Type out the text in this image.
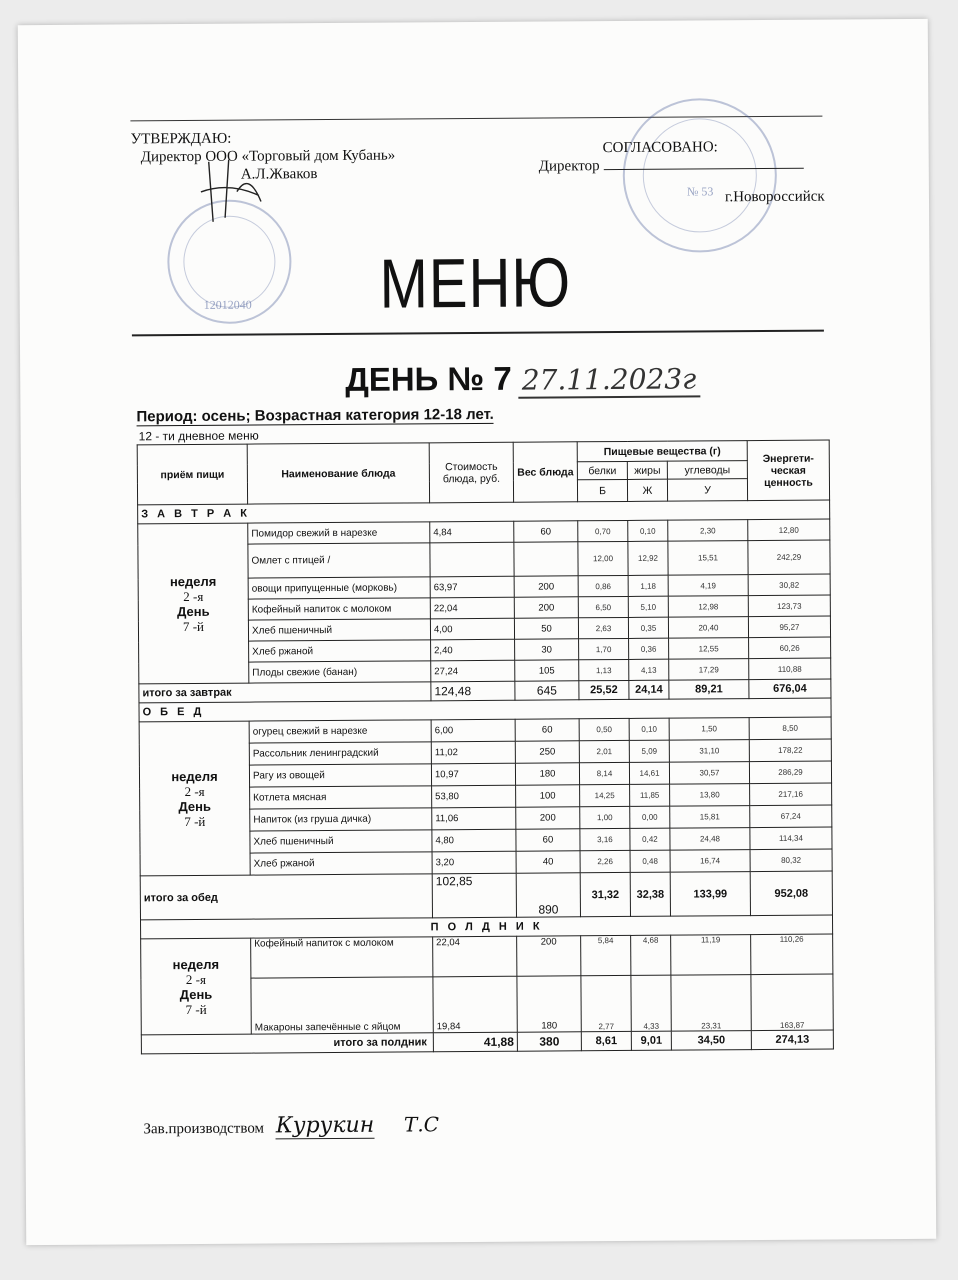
12012040
№ 53
УТВЕРЖДАЮ:
Директор ООО «Торговый дом Кубань»
А.Л.Жваков
СОГЛАСОВАНО:
Директор
г.Новороссийск
МЕНЮ
ДЕНЬ № 7 27.11.2023г
Период: осень; Возрастная категория 12-18 лет.
12 - ти дневное меню
приём пищи	Наименование блюда	Стоимость блюда, руб.	Вес блюда	Пищевые вещества (г)			Энергети-ческая ценность
				белки	жиры	углеводы	
				Б	Ж	У	
З А В Т Р А К							
неделя
2 -я
День
7 -й	Помидор свежий в нарезке	4,84	60	0,70	0,10	2,30	12,80
	Омлет с птицей /			12,00	12,92	15,51	242,29
	овощи припущенные (морковь)	63,97	200	0,86	1,18	4,19	30,82
	Кофейный напиток с молоком	22,04	200	6,50	5,10	12,98	123,73
	Хлеб пшеничный	4,00	50	2,63	0,35	20,40	95,27
	Хлеб ржаной	2,40	30	1,70	0,36	12,55	60,26
	Плоды свежие (банан)	27,24	105	1,13	4,13	17,29	110,88
итого за завтрак		124,48	645	25,52	24,14	89,21	676,04
О Б Е Д							
неделя
2 -я
День
7 -й	огурец свежий в нарезке	6,00	60	0,50	0,10	1,50	8,50
	Рассольник ленинградский	11,02	250	2,01	5,09	31,10	178,22
	Рагу из овощей	10,97	180	8,14	14,61	30,57	286,29
	Котлета мясная	53,80	100	14,25	11,85	13,80	217,16
	Напиток (из груша дичка)	11,06	200	1,00	0,00	15,81	67,24
	Хлеб пшеничный	4,80	60	3,16	0,42	24,48	114,34
	Хлеб ржаной	3,20	40	2,26	0,48	16,74	80,32
итого за обед		102,85	890	31,32	32,38	133,99	952,08
П О Л Д Н И К							
неделя
2 -я
День
7 -й	Кофейный напиток с молоком	22,04	200	5,84	4,68	11,19	110,26
	Макароны запечённые с яйцом	19,84	180	2,77	4,33	23,31	163,87
итого за полдник		41,88	380	8,61	9,01	34,50	274,13
Зав.производством Курукин Т.С
